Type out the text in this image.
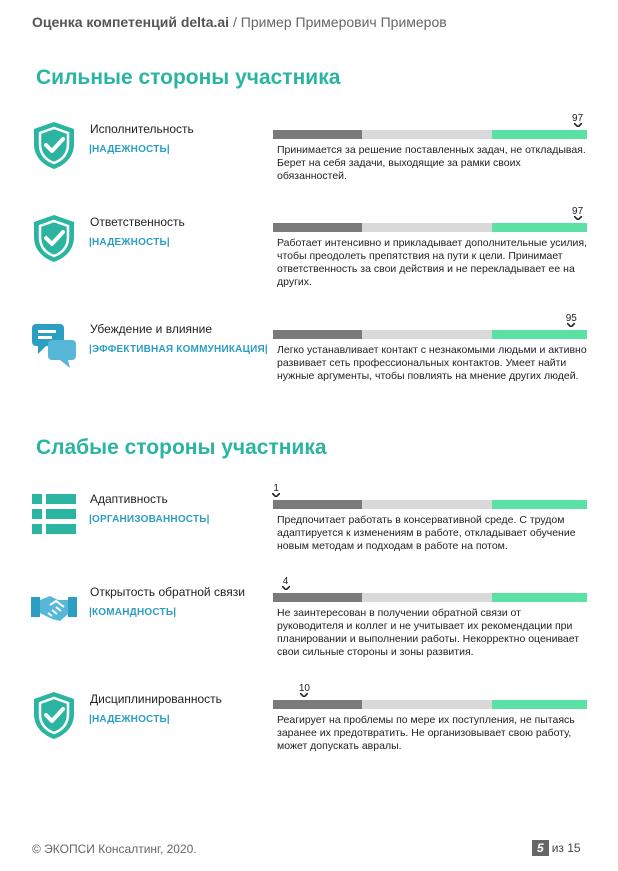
Оценка компетенций delta.ai / Пример Примерович Примеров
Сильные стороны участника
Слабые стороны участника
Исполнительность
|НАДЕЖНОСТЬ|
97
Принимается за решение поставленных задач, не откладывая. Берет на себя задачи, выходящие за рамки своих обязанностей.
Ответственность
|НАДЕЖНОСТЬ|
97
Работает интенсивно и прикладывает дополнительные усилия, чтобы преодолеть препятствия на пути к цели. Принимает ответственность за свои действия и не перекладывает ее на других.
Убеждение и влияние
|ЭФФЕКТИВНАЯ КОММУНИКАЦИЯ|
95
Легко устанавливает контакт с незнакомыми людьми и активно развивает сеть профессиональных контактов. Умеет найти нужные аргументы, чтобы повлиять на мнение других людей.
Адаптивность
|ОРГАНИЗОВАННОСТЬ|
1
Предпочитает работать в консервативной среде. С трудом адаптируется к изменениям в работе, откладывает обучение новым методам и подходам в работе на потом.
Открытость обратной связи
|КОМАНДНОСТЬ|
4
Не заинтересован в получении обратной связи от руководителя и коллег и не учитывает их рекомендации при планировании и выполнении работы. Некорректно оценивает свои сильные стороны и зоны развития.
Дисциплинированность
|НАДЕЖНОСТЬ|
10
Реагирует на проблемы по мере их поступления, не пытаясь заранее их предотвратить. Не организовывает свою работу, может допускать авралы.
© ЭКОПСИ Консалтинг, 2020.	5 из 15
